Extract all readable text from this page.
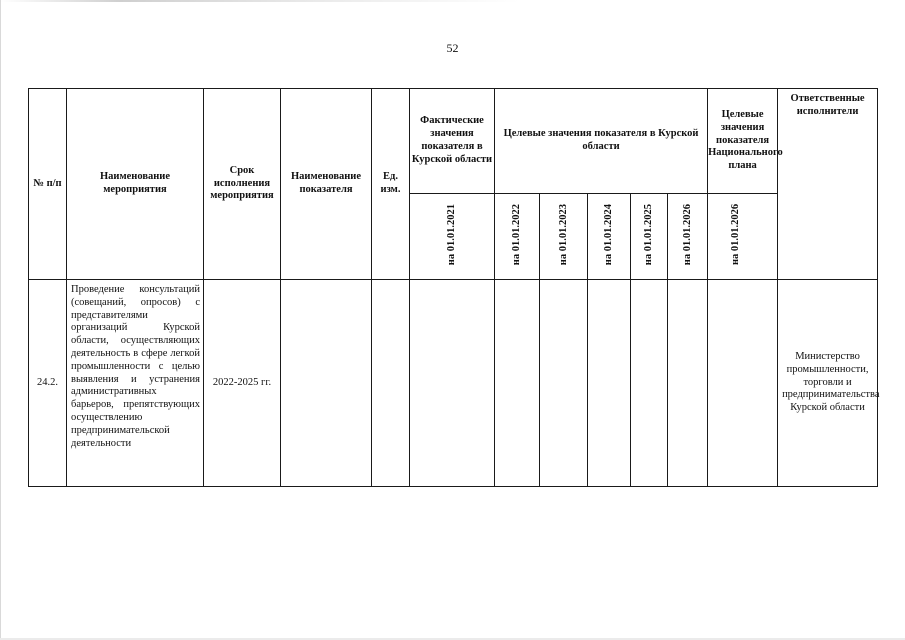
52
№ п/п	Наименование мероприятия	Срок исполнения мероприятия	Наименование показателя	Ед. изм.	Фактические значения показателя в Курской области	Целевые значения показателя в Курской области					Целевые значения показателя Национального плана	Ответственные исполнители
					на 01.01.2021	на 01.01.2022	на 01.01.2023	на 01.01.2024	на 01.01.2025	на 01.01.2026	на 01.01.2026	
24.2.	Проведение консультаций (совещаний, опросов) с представителями организаций Курской области, осуществляющих деятельность в сфере легкой промышленности с целью выявления и устранения административных барьеров, препятствующих осуществлению предпринимательской деятельности	2022-2025 гг.										Министерство промышленности, торговли и предпринимательства Курской области
